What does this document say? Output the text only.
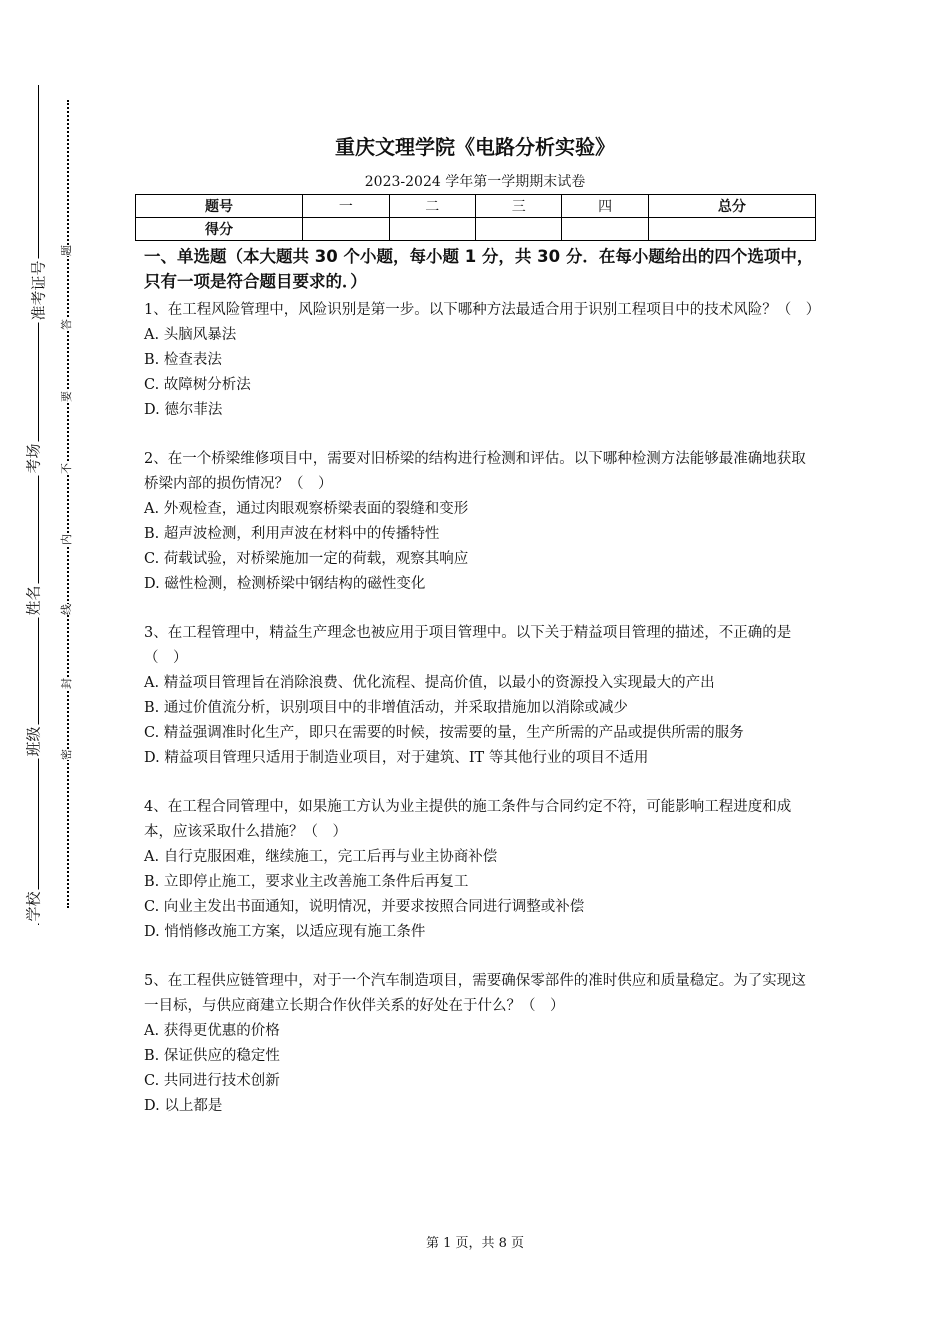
准考证号
考场
姓名
班级
学校
题
答
要
不
内
线
封
密
重庆文理学院《电路分析实验》
2023-2024 学年第一学期期末试卷
题号	一	二	三	四	总分
得分					

一、单选题（本大题共 30 个小题，每小题 1 分，共 30 分．在每小题给出的四个选项中，只有一项是符合题目要求的．）

1、在工程风险管理中，风险识别是第一步。以下哪种方法最适合用于识别工程项目中的技术风险？（　）

A. 头脑风暴法

B. 检查表法

C. 故障树分析法

D. 德尔菲法

2、在一个桥梁维修项目中，需要对旧桥梁的结构进行检测和评估。以下哪种检测方法能够最准确地获取桥梁内部的损伤情况？（　）

A. 外观检查，通过肉眼观察桥梁表面的裂缝和变形

B. 超声波检测，利用声波在材料中的传播特性

C. 荷载试验，对桥梁施加一定的荷载，观察其响应

D. 磁性检测，检测桥梁中钢结构的磁性变化

3、在工程管理中，精益生产理念也被应用于项目管理中。以下关于精益项目管理的描述，不正确的是（　）

A. 精益项目管理旨在消除浪费、优化流程、提高价值，以最小的资源投入实现最大的产出

B. 通过价值流分析，识别项目中的非增值活动，并采取措施加以消除或减少

C. 精益强调准时化生产，即只在需要的时候，按需要的量，生产所需的产品或提供所需的服务

D. 精益项目管理只适用于制造业项目，对于建筑、IT 等其他行业的项目不适用

4、在工程合同管理中，如果施工方认为业主提供的施工条件与合同约定不符，可能影响工程进度和成本，应该采取什么措施？（　）

A. 自行克服困难，继续施工，完工后再与业主协商补偿

B. 立即停止施工，要求业主改善施工条件后再复工

C. 向业主发出书面通知，说明情况，并要求按照合同进行调整或补偿

D. 悄悄修改施工方案，以适应现有施工条件

5、在工程供应链管理中，对于一个汽车制造项目，需要确保零部件的准时供应和质量稳定。为了实现这一目标，与供应商建立长期合作伙伴关系的好处在于什么？（　）

A. 获得更优惠的价格

B. 保证供应的稳定性

C. 共同进行技术创新

D. 以上都是

第 1 页，共 8 页
